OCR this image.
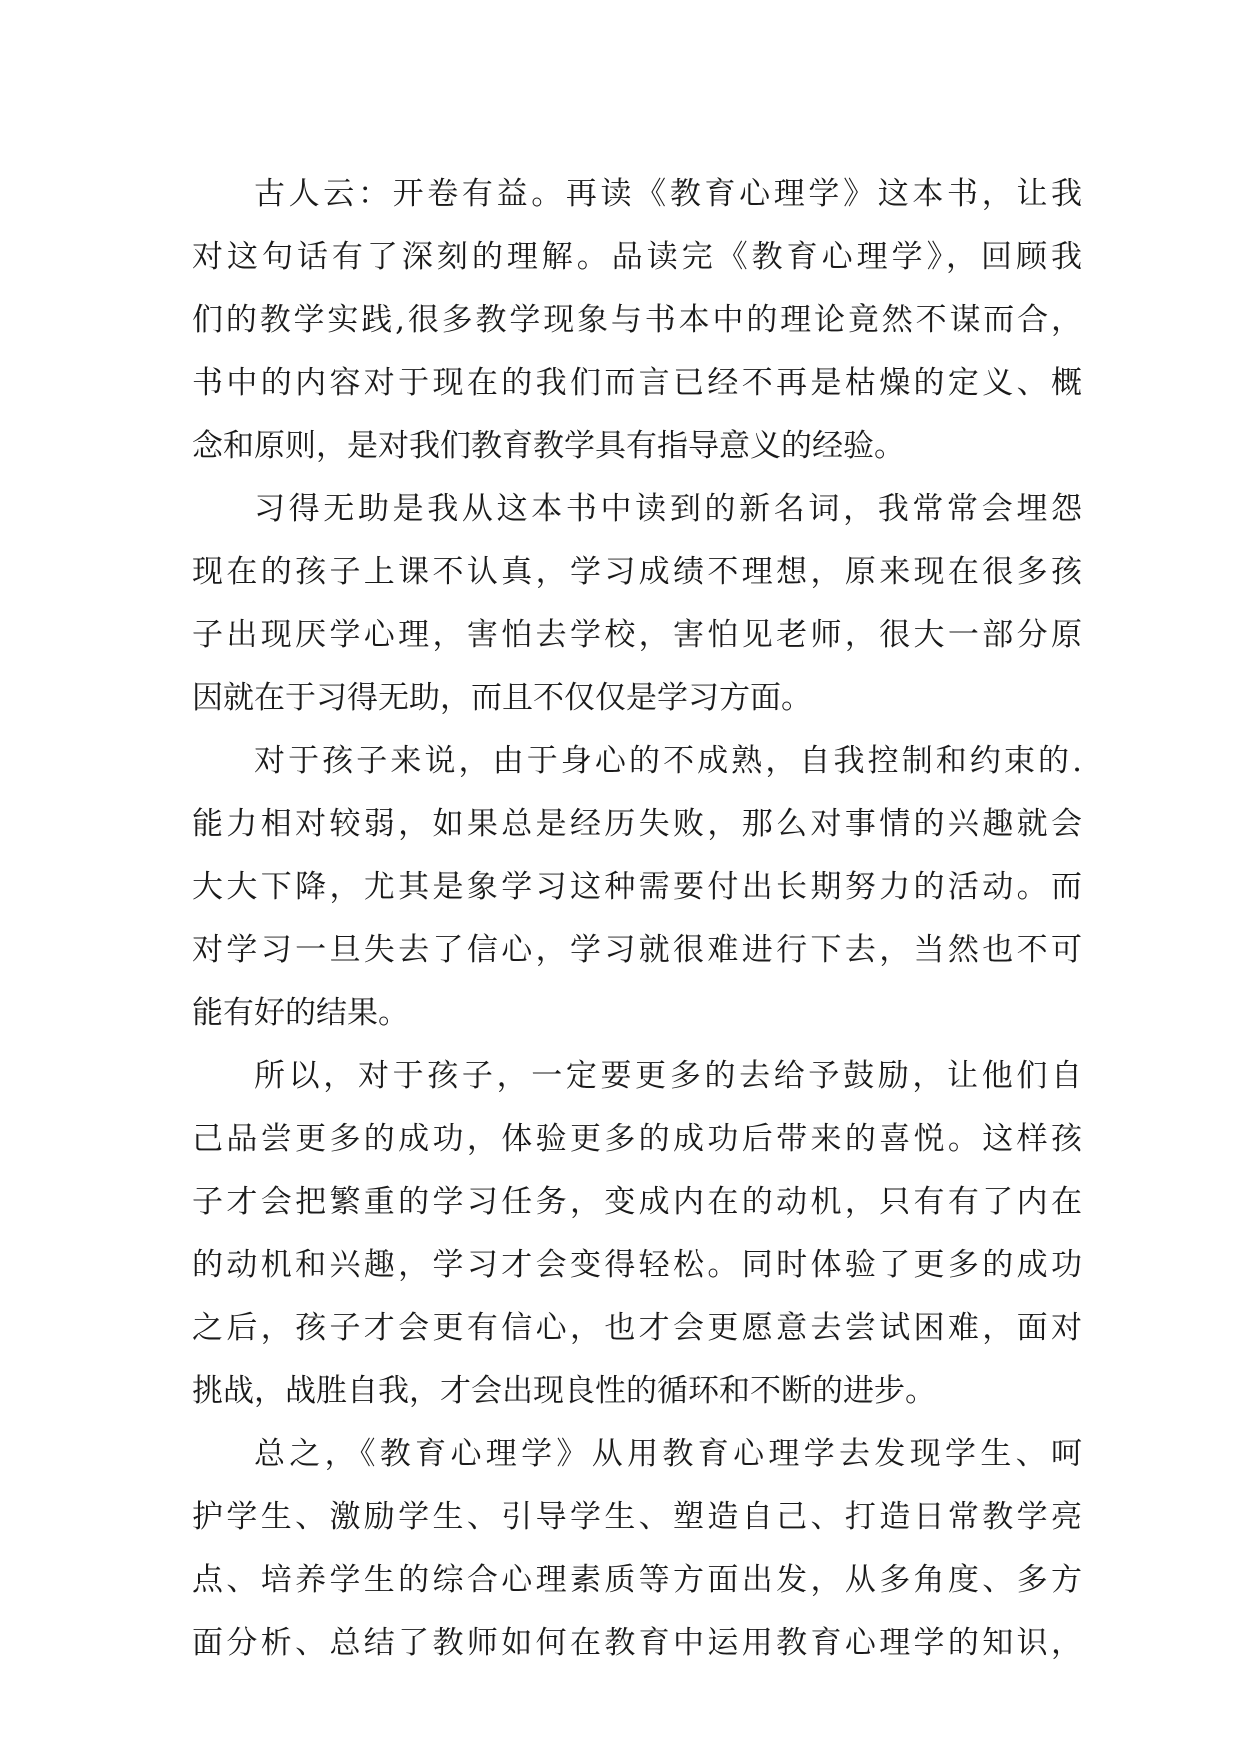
古人云：开卷有益。再读《教育心理学》这本书，让我
对这句话有了深刻的理解。品读完《教育心理学》，回顾我
们的教学实践,很多教学现象与书本中的理论竟然不谋而合，
书中的内容对于现在的我们而言已经不再是枯燥的定义、概
念和原则，是对我们教育教学具有指导意义的经验。
习得无助是我从这本书中读到的新名词，我常常会埋怨
现在的孩子上课不认真，学习成绩不理想，原来现在很多孩
子出现厌学心理，害怕去学校，害怕见老师，很大一部分原
因就在于习得无助，而且不仅仅是学习方面。
对于孩子来说，由于身心的不成熟，自我控制和约束的.
能力相对较弱，如果总是经历失败，那么对事情的兴趣就会
大大下降，尤其是象学习这种需要付出长期努力的活动。而
对学习一旦失去了信心，学习就很难进行下去，当然也不可
能有好的结果。
所以，对于孩子，一定要更多的去给予鼓励，让他们自
己品尝更多的成功，体验更多的成功后带来的喜悦。这样孩
子才会把繁重的学习任务，变成内在的动机，只有有了内在
的动机和兴趣，学习才会变得轻松。同时体验了更多的成功
之后，孩子才会更有信心，也才会更愿意去尝试困难，面对
挑战，战胜自我，才会出现良性的循环和不断的进步。
总之，《教育心理学》从用教育心理学去发现学生、呵
护学生、激励学生、引导学生、塑造自己、打造日常教学亮
点、培养学生的综合心理素质等方面出发，从多角度、多方
面分析、总结了教师如何在教育中运用教育心理学的知识，
